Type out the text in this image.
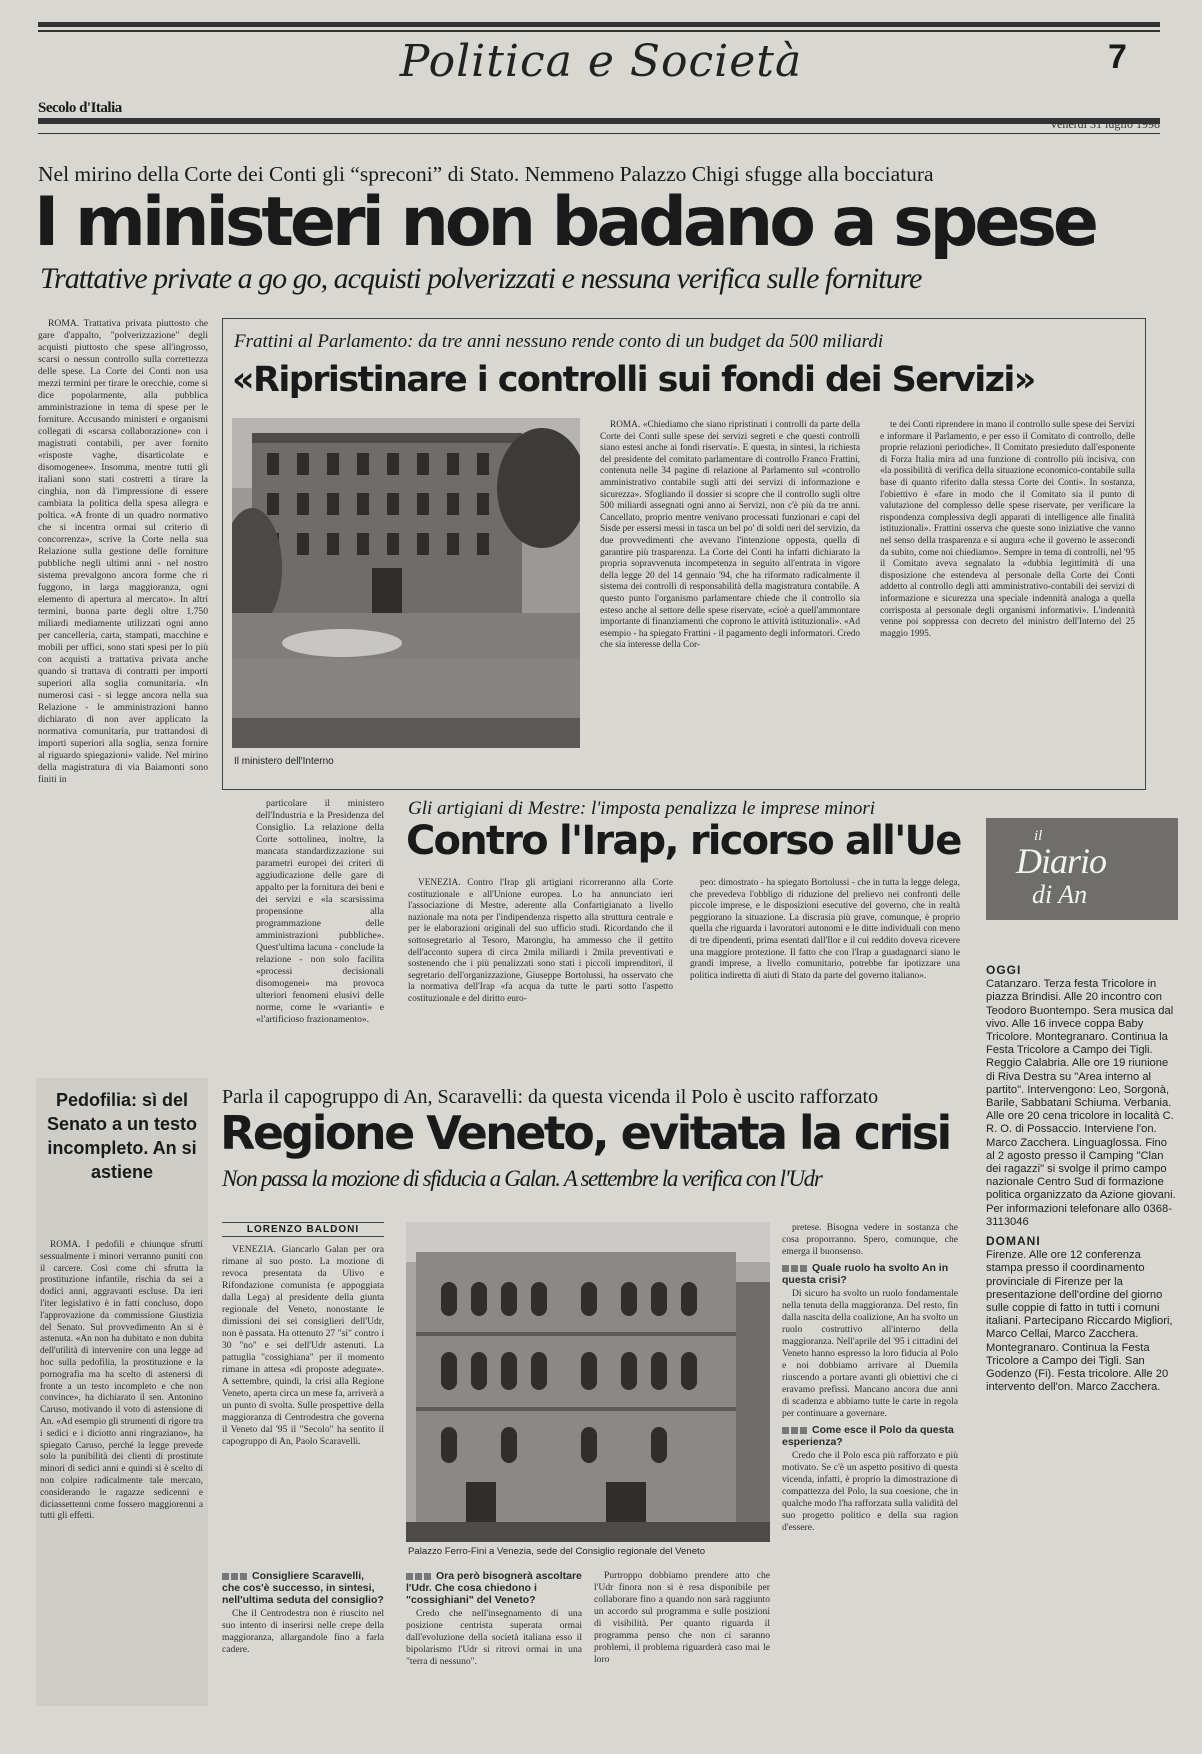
Politica e Società	7
Secolo d'Italia
Venerdì 31 luglio 1998
Nel mirino della Corte dei Conti gli “spreconi” di Stato. Nemmeno Palazzo Chigi sfugge alla bocciatura
I ministeri non badano a spese
Trattative private a go go, acquisti polverizzati e nessuna verifica sulle forniture

ROMA. Trattativa privata piuttosto che gare d'appalto, "polverizzazione" degli acquisti piuttosto che spese all'ingrosso, scarsi o nessun controllo sulla correttezza delle spese. La Corte dei Conti non usa mezzi termini per tirare le orecchie, come si dice popolarmente, alla pubblica amministrazione in tema di spese per le forniture. Accusando ministeri e organismi collegati di «scarsa collaborazione» con i magistrati contabili, per aver fornito «risposte vaghe, disarticolate e disomogenee». Insomma, mentre tutti gli italiani sono stati costretti a tirare la cinghia, non dà l'impressione di essere cambiata la politica della spesa allegra e poltica. «A fronte di un quadro normativo che si incentra ormai sul criterio di concorrenza», scrive la Corte nella sua Relazione sulla gestione delle forniture pubbliche negli ultimi anni - nel nostro sistema prevalgono ancora forme che ri fuggono, in larga maggioranza, ogni elemento di apertura al mercato». In altri termini, buona parte degli oltre 1.750 miliardi mediamente utilizzati ogni anno per cancelleria, carta, stampati, macchine e mobili per uffici, sono stati spesi per lo più con acquisti a trattativa privata anche quando si trattava di contratti per importi superiori alla soglia comunitaria. «In numerosi casi - si legge ancora nella sua Relazione - le amministrazioni hanno dichiarato di non aver applicato la normativa comunitaria, pur trattandosi di importi superiori alla soglia, senza fornire al riguardo spiegazioni» valide. Nel mirino della magistratura di via Baiamonti sono finiti in

particolare il ministero dell'Industria e la Presidenza del Consiglio. La relazione della Corte sottolinea, inoltre, la mancata standardizzazione sui parametri europei dei criteri di aggiudicazione delle gare di appalto per la fornitura dei beni e dei servizi e «la scarsissima propensione alla programmazione delle amministrazioni pubbliche». Quest'ultima lacuna - conclude la relazione - non solo facilita «processi decisionali disomogenei» ma provoca ulteriori fenomeni elusivi delle norme, come le «varianti» e «l'artificioso frazionamento».

Frattini al Parlamento: da tre anni nessuno rende conto di un budget da 500 miliardi
«Ripristinare i controlli sui fondi dei Servizi»
Il ministero dell'Interno

ROMA. «Chiediamo che siano ripristinati i controlli da parte della Corte dei Conti sulle spese dei servizi segreti e che questi controlli siano estesi anche ai fondi riservati». E questa, in sintesi, la richiesta del presidente del comitato parlamentare di controllo Franco Frattini, contenuta nelle 34 pagine di relazione al Parlamento sul «controllo amministrativo contabile sugli atti dei servizi di informazione e sicurezza». Sfogliando il dossier si scopre che il controllo sugli oltre 500 miliardi assegnati ogni anno ai Servizi, non c'è più da tre anni. Cancellato, proprio mentre venivano processati funzionari e capi del Sisde per essersi messi in tasca un bel po' di soldi neri del servizio, da due provvedimenti che avevano l'intenzione opposta, quella di garantire più trasparenza. La Corte dei Conti ha infatti dichiarato la propria sopravvenuta incompetenza in seguito all'entrata in vigore della legge 20 del 14 gennaio '94, che ha riformato radicalmente il sistema dei controlli di responsabilità della magistratura contabile. A questo punto l'organismo parlamentare chiede che il controllo sia esteso anche al settore delle spese riservate, «cioè a quell'ammontare importante di finanziamenti che coprono le attività istituzionali». «Ad esempio - ha spiegato Frattini - il pagamento degli informatori. Credo che sia interesse della Cor-

te dei Conti riprendere in mano il controllo sulle spese dei Servizi e informare il Parlamento, e per esso il Comitato di controllo, delle proprie relazioni periodiche». Il Comitato presieduto dall'esponente di Forza Italia mira ad una funzione di controllo più incisiva, con «la possibilità di verifica della situazione economico-contabile sulla base di quanto riferito dalla stessa Corte dei Conti». In sostanza, l'obiettivo è «fare in modo che il Comitato sia il punto di valutazione del complesso delle spese riservate, per verificare la rispondenza complessiva degli apparati di intelligence alle finalità istituzionali». Frattini osserva che queste sono iniziative che vanno nel senso della trasparenza e si augura «che il governo le assecondi da subito, come noi chiediamo». Sempre in tema di controlli, nel '95 il Comitato aveva segnalato la «dubbia legittimità di una disposizione che estendeva al personale della Corte dei Conti addetto al controllo degli atti amministrativo-contabili dei servizi di informazione e sicurezza una speciale indennità analoga a quella corrisposta al personale degli organismi informativi». L'indennità venne poi soppressa con decreto del ministro dell'Interno del 25 maggio 1995.

Gli artigiani di Mestre: l'imposta penalizza le imprese minori
Contro l'Irap, ricorso all'Ue

VENEZIA. Contro l'Irap gli artigiani ricorreranno alla Corte costituzionale e all'Unione europea. Lo ha annunciato ieri l'associazione di Mestre, aderente alla Confartigianato a livello nazionale ma nota per l'indipendenza rispetto alla struttura centrale e per le elaborazioni originali del suo ufficio studi. Ricordando che il sottosegretario al Tesoro, Marongiu, ha ammesso che il gettito dell'acconto supera di circa 2mila miliardi i 2mila preventivati e sostenendo che i più penalizzati sono stati i piccoli imprenditori, il segretario dell'organizzazione, Giuseppe Bortolussi, ha osservato che la normativa dell'Irap «fa acqua da tutte le parti sotto l'aspetto costituzionale e del diritto euro-

peo: dimostrato - ha spiegato Bortolussi - che in tutta la legge delega, che prevedeva l'obbligo di riduzione del prelievo nei confronti delle piccole imprese, e le disposizioni esecutive del governo, che in realtà peggiorano la situazione. La discrasia più grave, comunque, è proprio quella che riguarda i lavoratori autonomi e le ditte individuali con meno di tre dipendenti, prima esentati dall'Ilor e il cui reddito doveva ricevere una maggiore protezione. Il fatto che con l'Irap a guadagnarci siano le grandi imprese, a livello comunitario, potrebbe far ipotizzare una politica indiretta di aiuti di Stato da parte del governo italiano».

il
Diario
di An

OGGI

Catanzaro. Terza festa Tricolore in piazza Brindisi. Alle 20 incontro con Teodoro Buontempo. Sera musica dal vivo. Alle 16 invece coppa Baby Tricolore. Montegranaro. Continua la Festa Tricolore a Campo dei Tigli. Reggio Calabria. Alle ore 19 riunione di Riva Destra su "Area interno al partito". Intervengono: Leo, Sorgonà, Barile, Sabbatani Schiuma. Verbania. Alle ore 20 cena tricolore in località C. R. O. di Possaccio. Interviene l'on. Marco Zacchera. Linguaglossa. Fino al 2 agosto presso il Camping "Clan dei ragazzi" si svolge il primo campo nazionale Centro Sud di formazione politica organizzato da Azione giovani. Per informazioni telefonare allo 0368-3113046

DOMANI

Firenze. Alle ore 12 conferenza stampa presso il coordinamento provinciale di Firenze per la presentazione dell'ordine del giorno sulle coppie di fatto in tutti i comuni italiani. Partecipano Riccardo Migliori, Marco Cellai, Marco Zacchera. Montegranaro. Continua la Festa Tricolore a Campo dei Tigli. San Godenzo (Fi). Festa tricolore. Alle 20 intervento dell'on. Marco Zacchera.

Pedofilia: sì del Senato a un testo incompleto. An si astiene

ROMA. I pedofili e chiunque sfrutti sessualmente i minori verranno puniti con il carcere. Così come chi sfrutta la prostituzione infantile, rischia da sei a dodici anni, aggravanti escluse. Da ieri l'iter legislativo è in fatti concluso, dopo l'approvazione da commissione Giustizia del Senato. Sul provvedimento An si è astenuta. «An non ha dubitato e non dubita dell'utilità di intervenire con una legge ad hoc sulla pedofilia, la prostituzione e la pornografia ma ha scelto di astenersi di fronte a un testo incompleto e che non convince», ha dichiarato il sen. Antonino Caruso, motivando il voto di astensione di An. «Ad esempio gli strumenti di rigore tra i sedici e i diciotto anni ringraziano», ha spiegato Caruso, perché la legge prevede solo la punibilità dei clienti di prostitute minori di sedici anni e quindi si è scelto di non colpire radicalmente tale mercato, considerando le ragazze sedicenni e diciassettenni come fossero maggiorenni a tutti gli effetti.

Parla il capogruppo di An, Scaravelli: da questa vicenda il Polo è uscito rafforzato
Regione Veneto, evitata la crisi
Non passa la mozione di sfiducia a Galan. A settembre la verifica con l'Udr
LORENZO BALDONI

VENEZIA. Giancarlo Galan per ora rimane al suo posto. La mozione di revoca presentata da Ulivo e Rifondazione comunista (e appoggiata dalla Lega) al presidente della giunta regionale del Veneto, nonostante le dimissioni dei sei consiglieri dell'Udr, non è passata. Ha ottenuto 27 "si" contro i 30 "no" e sei dell'Udr astenuti. La pattuglia "cossighiana" per il momento rimane in attesa «di proposte adeguate». A settembre, quindi, la crisi alla Regione Veneto, aperta circa un mese fa, arriverà a un punto di svolta. Sulle prospettive della maggioranza di Centrodestra che governa il Veneto dal '95 il "Secolo" ha sentito il capogruppo di An, Paolo Scaravelli.

Consigliere Scaravelli, che cos'è successo, in sintesi, nell'ultima seduta del consiglio?

Che il Centrodestra non è riuscito nel suo intento di inserirsi nelle crepe della maggioranza, allargandole fino a farla cadere.

Palazzo Ferro-Fini a Venezia, sede del Consiglio regionale del Veneto
Ora però bisognerà ascoltare l'Udr. Che cosa chiedono i "cossighiani" del Veneto?

Credo che nell'insegnamento di una posizione centrista superata ormai dall'evoluzione della società italiana esso il bipolarismo l'Udr si ritrovi ormai in una "terra di nessuno".

Purtroppo dobbiamo prendere atto che l'Udr finora non si è resa disponibile per collaborare fino a quando non sarà raggiunto un accordo sul programma e sulle posizioni di visibilità. Per quanto riguarda il programma penso che non ci saranno problemi, il problema riguarderà caso mai le loro

pretese. Bisogna vedere in sostanza che cosa proporranno. Spero, comunque, che emerga il buonsenso.

Quale ruolo ha svolto An in questa crisi?

Di sicuro ha svolto un ruolo fondamentale nella tenuta della maggioranza. Del resto, fin dalla nascita della coalizione, An ha svolto un ruolo costruttivo all'interno della maggioranza. Nell'aprile del '95 i cittadini del Veneto hanno espresso la loro fiducia al Polo e noi dobbiamo arrivare al Duemila riuscendo a portare avanti gli obiettivi che ci eravamo prefissi. Mancano ancora due anni di scadenza e abbiamo tutte le carte in regola per continuare a governare.

Come esce il Polo da questa esperienza?

Credo che il Polo esca più rafforzato e più motivato. Se c'è un aspetto positivo di questa vicenda, infatti, è proprio la dimostrazione di compattezza del Polo, la sua coesione, che in qualche modo l'ha rafforzata sulla validità del suo progetto politico e della sua ragion d'essere.
